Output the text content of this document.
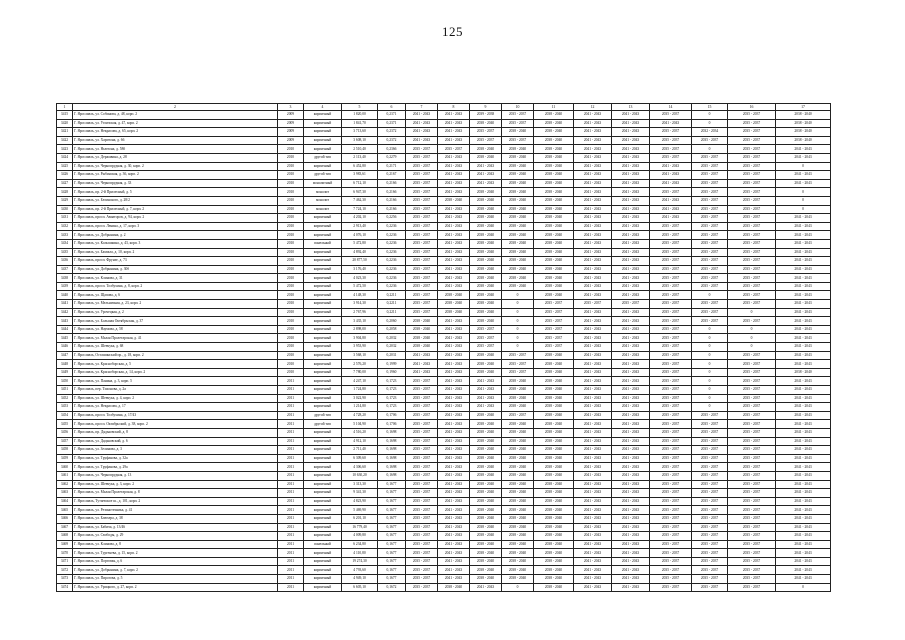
125
1	2	3	4	5	6	7	8	9	10	11	12	13	14	15	16	17
3415	Г. Ярославль, ул. Собинова, д. 48, корп. 2	2009	кирпичный	1 820,00	0,2371	2041 - 2043	2041 - 2043	2039 - 2038	2035 - 2037	2038 - 2040	2041 - 2043	2041 - 2043	2035 - 2037	0	2035 - 2037	2038 - 2040
3420	Г. Ярославль, ул. Угличская, д. 47, корп. 2	2009	кирпичный	1 841,70	0,2371	2041 - 2043	2041 - 2043	2038 - 2040	2035 - 2037	2038 - 2040	2041 - 2043	2041 - 2043	2041 - 2043	0	2035 - 2037	2038 - 2040
3421	Г. Ярославль, ул. Некрасова, д. 65, корп. 2	2009	кирпичный	3 713,60	0,2372	2041 - 2043	2041 - 2043	2035 - 2037	2038 - 2040	2038 - 2040	2041 - 2043	2041 - 2043	2035 - 2037	2032 - 2034	2035 - 2037	2038 - 2040
3422	Г. Ярославль, ул. Харитона, д. 66	2009	кирпичный	3 608,10	0,2372	2041 - 2043	2041 - 2043	2035 - 2037	2035 - 2037	2038 - 2040	2041 - 2043	2041 - 2043	2035 - 2037	2035 - 2037	2035 - 2037	2038 - 2040
3423	Г. Ярославль, ул. Ньютона, д. 58б	2010	кирпичный	2 510,40	0,2366	2035 - 2037	2035 - 2037	2038 - 2040	2038 - 2040	2038 - 2040	2041 - 2043	2041 - 2043	2035 - 2037	0	2035 - 2037	2041 - 2043
3424	Г. Ярославль, ул. Державина, д. 28	2010	другой тип	2 113,40	0,2279	2035 - 2037	2041 - 2043	2038 - 2040	2038 - 2040	2038 - 2040	2041 - 2043	2041 - 2043	2035 - 2037	2035 - 2037	2035 - 2037	2041 - 2043
3425	Г. Ярославль, ул. Чернопрудная, д. 30, корп. 2	2010	кирпичный	6 452,80	0,2171	2035 - 2037	2041 - 2043	2041 - 2043	2038 - 2040	2038 - 2040	2041 - 2043	2041 - 2043	2041 - 2043	2035 - 2037	2035 - 2037	0
3426	Г. Ярославль, ул. Рыбинская, д. 36, корп. 2	2010	другой тип	3 983,61	0,2167	2035 - 2037	2041 - 2043	2041 - 2043	2038 - 2040	2038 - 2040	2041 - 2043	2041 - 2043	2041 - 2043	2035 - 2037	2035 - 2037	2041 - 2043
3427	Г. Ярославль, ул. Чернопрудная, д. 33	2010	монолитный	6 712,10	0,2166	2035 - 2037	2041 - 2043	2041 - 2043	2038 - 2040	2038 - 2040	2041 - 2043	2041 - 2043	2041 - 2043	2035 - 2037	2035 - 2037	2041 - 2043
3428	Г. Ярославль, пр. 2-й Прилесный, д. 5	2010	монолит	6 947,30	0,2166	2035 - 2037	2041 - 2043	2038 - 2040	2038 - 2040	2038 - 2040	2041 - 2043	2041 - 2043	2035 - 2037	2035 - 2037	2035 - 2037	0
3429	Г. Ярославль, ул. Белинского, д. 28/2	2010	монолит	7 462,30	0,2166	2035 - 2037	2038 - 2040	2038 - 2040	2038 - 2040	2038 - 2040	2041 - 2043	2041 - 2043	2041 - 2043	2035 - 2037	2035 - 2037	0
3430	Г. Ярославль, пр. 2-й Прилесный, д. 7, корп. 2	2010	монолит	7 724,10	0,2166	2035 - 2037	2041 - 2043	2038 - 2040	2038 - 2040	2038 - 2040	2041 - 2043	2041 - 2043	2041 - 2043	2035 - 2037	2035 - 2037	0
3431	Г. Ярославль, просп. Авиаторов, д. 94, корп. 2	2010	кирпичный	4 202,10	0,2256	2035 - 2037	2041 - 2043	2038 - 2040	2038 - 2040	2038 - 2040	2041 - 2043	2041 - 2043	2041 - 2043	2035 - 2037	2035 - 2037	2041 - 2043
3432	Г. Ярославль, просп. Ленина, д. 17, корп. 3	2010	кирпичный	2 913,40	0,2236	2035 - 2037	2041 - 2043	2038 - 2040	2038 - 2040	2038 - 2040	2041 - 2043	2041 - 2043	2035 - 2037	2035 - 2037	2035 - 2037	2041 - 2043
3433	Г. Ярославль, ул. Добрынина, д. 2	2010	кирпичный	4 076,10	0,2236	2035 - 2037	2041 - 2043	2038 - 2040	2038 - 2040	2038 - 2040	2041 - 2043	2041 - 2043	2035 - 2037	2035 - 2037	2035 - 2037	2041 - 2043
3434	Г. Ярославль, ул. Колышкина, д. 43, корп. 3	2010	панельный	5 472,80	0,2236	2035 - 2037	2041 - 2043	2038 - 2040	2038 - 2040	2038 - 2040	2041 - 2043	2041 - 2043	2035 - 2037	2035 - 2037	2035 - 2037	2041 - 2043
3435	Г. Ярославль, ул. Бахвала, д. 10, корп. 2	2010	кирпичный	4 892,40	0,2236	2035 - 2037	2041 - 2043	2038 - 2040	2038 - 2040	2038 - 2040	2041 - 2043	2041 - 2043	2035 - 2037	2035 - 2037	2035 - 2037	2041 - 2043
3436	Г. Ярославль, просп. Фрунзе, д. 73	2010	кирпичный	20 877,50	0,2236	2035 - 2037	2041 - 2043	2038 - 2040	2038 - 2040	2038 - 2040	2041 - 2043	2041 - 2043	2035 - 2037	2035 - 2037	2035 - 2037	2041 - 2043
3437	Г. Ярославль, ул. Добрынина, д. 30б	2010	кирпичный	3 176,40	0,2236	2035 - 2037	2041 - 2043	2038 - 2040	2038 - 2040	2038 - 2040	2041 - 2043	2041 - 2043	2035 - 2037	2035 - 2037	2035 - 2037	2041 - 2043
3438	Г. Ярославль, ул. Клинова, д. 31	2010	кирпичный	4 023,30	0,2236	2035 - 2037	2041 - 2043	2038 - 2040	2038 - 2040	2038 - 2040	2041 - 2043	2041 - 2043	2035 - 2037	2035 - 2037	2035 - 2037	2041 - 2043
3439	Г. Ярославль, просп. Толбухина, д. 8, корп. 2	2010	кирпичный	5 472,50	0,2236	2035 - 2037	2041 - 2043	2038 - 2040	2038 - 2040	2038 - 2040	2041 - 2043	2041 - 2043	2035 - 2037	2035 - 2037	2035 - 2037	2041 - 2043
3440	Г. Ярославль, ул. Щапова, д. 6	2010	кирпичный	4 148,30	0,2211	2035 - 2037	2038 - 2040	2038 - 2040	0	2038 - 2040	2041 - 2043	2041 - 2043	2035 - 2037	0	2035 - 2037	2041 - 2043
3441	Г. Ярославль, ул. Мельничная, д. 23, корп. 2	2010	кирпичный	3 914,30	0,2211	2035 - 2037	2038 - 2040	2038 - 2040	0	2035 - 2037	2035 - 2037	2035 - 2037	2035 - 2037	2035 - 2037	2035 - 2037	2041 - 2043
3442	Г. Ярославль, ул. Урочецкая, д. 2	2010	кирпичный	2 767,96	0,2211	2035 - 2037	2038 - 2040	2038 - 2040	0	2035 - 2037	2041 - 2043	2041 - 2043	2035 - 2037	2035 - 2037	0	2041 - 2043
3443	Г. Ярославль, ул. Большая Октябрьская, д. 37	2010	кирпичный	3 435,10	0,2060	2038 - 2040	2041 - 2043	2038 - 2040	0	2035 - 2037	2041 - 2043	2041 - 2043	2035 - 2037	2035 - 2037	2035 - 2037	2041 - 2043
3444	Г. Ярославль, ул. Наумова, д. 58	2010	кирпичный	2 898,00	0,2058	2038 - 2040	2041 - 2043	2035 - 2037	0	2035 - 2037	2041 - 2043	2041 - 2043	2035 - 2037	0	0	2041 - 2043
3445	Г. Ярославль, ул. Малая Пролетарская, д. 41	2010	кирпичный	3 904,80	0,2032	2038 - 2040	2041 - 2043	2035 - 2037	0	2035 - 2037	2041 - 2043	2041 - 2043	2035 - 2037	0	0	2041 - 2043
3446	Г. Ярославль, ул. Шевчука, д. 68	2010	кирпичный	3 953,90	0,2032	2038 - 2040	2041 - 2043	2035 - 2037	0	2035 - 2037	2041 - 2043	2041 - 2043	2035 - 2037	0	0	2041 - 2043
3447	Г. Ярославль, Осташинский пр., д. 18, корп. 2	2010	кирпичный	3 568,10	0,2031	2041 - 2043	2041 - 2043	2038 - 2040	2035 - 2037	2038 - 2040	2041 - 2043	2041 - 2043	2035 - 2037	0	2035 - 2037	2041 - 2043
3448	Г. Ярославль, ул. Красноборская, д. 5	2010	кирпичный	2 576,20	0,1999	2041 - 2043	2041 - 2043	2038 - 2040	2035 - 2037	2038 - 2040	2041 - 2043	2041 - 2043	2035 - 2037	0	2035 - 2037	2041 - 2043
3449	Г. Ярославль, ул. Красноборская, д. 14, корп. 2	2010	кирпичный	7 780,00	0,1960	2041 - 2043	2041 - 2043	2038 - 2040	2035 - 2037	2038 - 2040	2041 - 2043	2041 - 2043	2035 - 2037	0	2035 - 2037	2038 - 2040
3450	Г. Ярославль, ул. Панина, д. 3, корп. 5	2011	кирпичный	4 247,10	0,1723	2035 - 2037	2041 - 2043	2041 - 2043	2038 - 2040	2038 - 2040	2041 - 2043	2041 - 2043	2035 - 2037	0	2035 - 2037	2041 - 2043
3451	Г. Ярославль, пер. Тихонова, д. 2а	2011	кирпичный	1 724,80	0,1723	2035 - 2037	2041 - 2043	2041 - 2043	2038 - 2040	2038 - 2040	2041 - 2043	2041 - 2043	2035 - 2037	0	2035 - 2037	2041 - 2043
3452	Г. Ярославль, ул. Шевчука, д. 4, корп. 2	2011	кирпичный	3 022,90	0,1723	2035 - 2037	2041 - 2043	2041 - 2043	2038 - 2040	2038 - 2040	2041 - 2043	2041 - 2043	2035 - 2037	0	2035 - 2037	2041 - 2043
3453	Г. Ярославль, ул. Некрасова, д. 17	2011	кирпичный	1 214,80	0,1723	2035 - 2037	2041 - 2043	2041 - 2043	2038 - 2040	2038 - 2040	2041 - 2043	2041 - 2043	2035 - 2037	0	2035 - 2037	2041 - 2043
3454	Г. Ярославль, просп. Толбухина, д. 17/43	2011	другой тип	4 728,20	0,1706	2035 - 2037	2041 - 2043	2038 - 2040	2035 - 2037	2038 - 2040	2041 - 2043	2041 - 2043	2035 - 2037	2035 - 2037	2035 - 2037	2041 - 2043
3455	Г. Ярославль, просп. Октябрьский, д. 38, корп. 2	2011	другой тип	5 104,90	0,1706	2035 - 2037	2041 - 2043	2038 - 2040	2038 - 2040	2038 - 2040	2041 - 2043	2041 - 2043	2035 - 2037	2035 - 2037	2035 - 2037	2041 - 2043
3456	Г. Ярославль, пр. Дядьковский, д. 8	2011	кирпичный	4 516,20	0,1698	2035 - 2037	2041 - 2043	2038 - 2040	2038 - 2040	2038 - 2040	2041 - 2043	2041 - 2043	2035 - 2037	2035 - 2037	2035 - 2037	2041 - 2043
3457	Г. Ярославль, ул. Дядьковский, д. 6	2011	кирпичный	4 912,10	0,1698	2035 - 2037	2041 - 2043	2038 - 2040	2038 - 2040	2038 - 2040	2041 - 2043	2041 - 2043	2035 - 2037	2035 - 2037	2035 - 2037	2041 - 2043
3458	Г. Ярославль, ул. Зелинова, д. 3	2011	кирпичный	2 711,40	0,1698	2035 - 2037	2041 - 2043	2038 - 2040	2038 - 2040	2038 - 2040	2041 - 2043	2041 - 2043	2035 - 2037	2035 - 2037	2035 - 2037	2041 - 2043
3459	Г. Ярославль, ул. Труфанова, д. 32а	2011	кирпичный	6 309,60	0,1698	2035 - 2037	2041 - 2043	2038 - 2040	2038 - 2040	2038 - 2040	2041 - 2043	2041 - 2043	2035 - 2037	2035 - 2037	2035 - 2037	2041 - 2043
3460	Г. Ярославль, ул. Труфанова, д. 29а	2011	кирпичный	4 306,60	0,1698	2035 - 2037	2041 - 2043	2038 - 2040	2038 - 2040	2038 - 2040	2041 - 2043	2041 - 2043	2035 - 2037	2035 - 2037	2035 - 2037	2041 - 2043
3461	Г. Ярославль, ул. Чернопрудная, д. 13	2011	кирпичный	10 630,20	0,1698	2035 - 2037	2041 - 2043	2038 - 2040	2038 - 2040	2038 - 2040	2041 - 2043	2041 - 2043	2035 - 2037	2035 - 2037	2035 - 2037	2041 - 2043
3462	Г. Ярославль, ул. Шевчука, д. 3, корп. 2	2011	кирпичный	3 313,30	0,1677	2035 - 2037	2041 - 2043	2038 - 2040	2038 - 2040	2038 - 2040	2041 - 2043	2041 - 2043	2035 - 2037	2035 - 2037	2035 - 2037	2041 - 2043
3463	Г. Ярославль, ул. Малая Пролетарская, д. 8	2011	кирпичный	9 341,30	0,1677	2035 - 2037	2041 - 2043	2038 - 2040	2038 - 2040	2038 - 2040	2041 - 2043	2041 - 2043	2035 - 2037	2035 - 2037	2035 - 2037	2041 - 2043
3464	Г. Ярославль, Тутаевское ш., д. 101, корп. 2	2011	кирпичный	4 823,90	0,1677	2035 - 2037	2041 - 2043	2038 - 2040	2038 - 2040	2038 - 2040	2041 - 2043	2041 - 2043	2035 - 2037	2035 - 2037	2035 - 2037	2041 - 2043
3465	Г. Ярославль, ул. Резинотехника, д. 41	2011	кирпичный	5 469,90	0,1677	2035 - 2037	2041 - 2043	2038 - 2040	2038 - 2040	2038 - 2040	2041 - 2043	2041 - 2043	2035 - 2037	2035 - 2037	2035 - 2037	2041 - 2043
3466	Г. Ярославль, ул. Блюхера, д. 38	2011	кирпичный	6 201,10	0,1677	2035 - 2037	2041 - 2043	2038 - 2040	2038 - 2040	2038 - 2040	2041 - 2043	2041 - 2043	2035 - 2037	2035 - 2037	2035 - 2037	2041 - 2043
3467	Г. Ярославль, ул. Бабича, д. 13/46	2011	кирпичный	16 779,40	0,1677	2035 - 2037	2041 - 2043	2038 - 2040	2038 - 2040	2038 - 2040	2041 - 2043	2041 - 2043	2035 - 2037	2035 - 2037	2035 - 2037	2041 - 2043
3468	Г. Ярославль, ул. Свободы, д. 29	2011	кирпичный	4 009,80	0,1677	2035 - 2037	2041 - 2043	2038 - 2040	2038 - 2040	2038 - 2040	2041 - 2043	2041 - 2043	2035 - 2037	2035 - 2037	2035 - 2037	2041 - 2043
3469	Г. Ярославль, ул. Клинова, д. 8	2011	панельный	6 234,80	0,1677	2035 - 2037	2041 - 2043	2038 - 2040	2038 - 2040	2038 - 2040	2041 - 2043	2041 - 2043	2035 - 2037	2035 - 2037	2035 - 2037	2041 - 2043
3470	Г. Ярославль, ул. Тургенева, д. 15, корп. 2	2011	кирпичный	4 110,80	0,1677	2035 - 2037	2041 - 2043	2038 - 2040	2038 - 2040	2038 - 2040	2041 - 2043	2041 - 2043	2035 - 2037	2035 - 2037	2035 - 2037	2041 - 2043
3471	Г. Ярославль, ул. Портовая, д. 6	2011	кирпичный	19 274,30	0,1677	2035 - 2037	2041 - 2043	2038 - 2040	2038 - 2040	2038 - 2040	2041 - 2043	2041 - 2043	2035 - 2037	2035 - 2037	2035 - 2037	2041 - 2043
3472	Г. Ярославль, ул. Добрынина, д. 7, корп. 2	2011	кирпичный	4 793,60	0,1677	2035 - 2037	2041 - 2043	2038 - 2040	2038 - 2040	2038 - 2040	2041 - 2043	2041 - 2043	2035 - 2037	2035 - 2037	2035 - 2037	2041 - 2043
3473	Г. Ярославль, ул. Пирогова, д. 5	2011	кирпичный	4 949,10	0,1677	2035 - 2037	2041 - 2043	2038 - 2040	2038 - 2040	2038 - 2040	2041 - 2043	2041 - 2043	2035 - 2037	2035 - 2037	2035 - 2037	2041 - 2043
3474	Г. Ярославль, ул. Урицкого, д. 27, корп. 2	2011	кирпичный	6 605,10	0,1672	2035 - 2037	2038 - 2040	2041 - 2043	0	2038 - 2040	2041 - 2043	2041 - 2043	2035 - 2037	2035 - 2037	2035 - 2037	0
